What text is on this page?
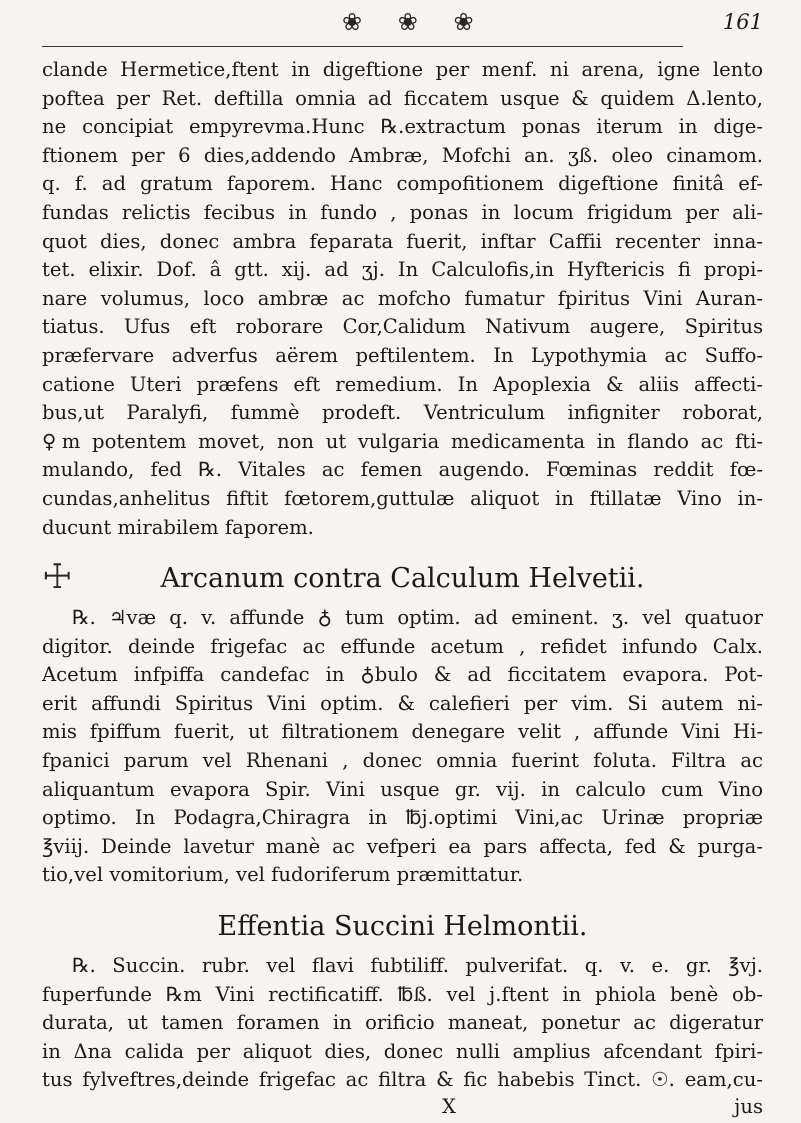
❀ ❀ ❀	161

clande Hermetice,ftent in digeftione per menf. ni arena, igne lento

poftea per Ret. deftilla omnia ad ficcatem usque & quidem Δ.lento,

ne concipiat empyrevma.Hunc ℞.extractum ponas iterum in dige-

ftionem per 6 dies,addendo Ambræ, Mofchi an. ʒß. oleo cinamom.

q. f. ad gratum faporem. Hanc compofitionem digeftione finitâ ef-

fundas relictis fecibus in fundo , ponas in locum frigidum per ali-

quot dies, donec ambra feparata fuerit, inftar Caffii recenter inna-

tet. elixir. Dof. â gtt. xij. ad ʒj. In Calculofis,in Hyftericis fi propi-

nare volumus, loco ambræ ac mofcho fumatur fpiritus Vini Auran-

tiatus. Ufus eft roborare Cor,Calidum Nativum augere, Spiritus

præfervare adverfus aërem peftilentem. In Lypothymia ac Suffo-

catione Uteri præfens eft remedium. In Apoplexia & aliis affecti-

bus,ut Paralyfi, fummè prodeft. Ventriculum infigniter roborat,

♀m potentem movet, non ut vulgaria medicamenta in flando ac fti-

mulando, fed ℞. Vitales ac femen augendo. Fœminas reddit fœ-

cundas,anhelitus fiftit fœtorem,guttulæ aliquot in ftillatæ Vino in-

ducunt mirabilem faporem.

☩	Arcanum contra Calculum Helvetii.

℞. ♃væ q. v. affunde ♁ tum optim. ad eminent. ʒ. vel quatuor

digitor. deinde frigefac ac effunde acetum , refidet infundo Calx.

Acetum infpiffa candefac in ♁bulo & ad ficcitatem evapora. Pot-

erit affundi Spiritus Vini optim. & calefieri per vim. Si autem ni-

mis fpiffum fuerit, ut filtrationem denegare velit , affunde Vini Hi-

fpanici parum vel Rhenani , donec omnia fuerint foluta. Filtra ac

aliquantum evapora Spir. Vini usque gr. vij. in calculo cum Vino

optimo. In Podagra,Chiragra in ℔j.optimi Vini,ac Urinæ propriæ

℥viij. Deinde lavetur manè ac vefperi ea pars affecta, fed & purga-

tio,vel vomitorium, vel fudoriferum præmittatur.

Effentia Succini Helmontii.

℞. Succin. rubr. vel flavi fubtiliff. pulverifat. q. v. e. gr. ℥vj.

fuperfunde ℞m Vini rectificatiff. ℔ß. vel j.ftent in phiola benè ob-

durata, ut tamen foramen in orificio maneat, ponetur ac digeratur

in Δna calida per aliquot dies, donec nulli amplius afcendant fpiri-

tus fylveftres,deinde frigefac ac filtra & fic habebis Tinct. ☉. eam,cu-

X	jus
